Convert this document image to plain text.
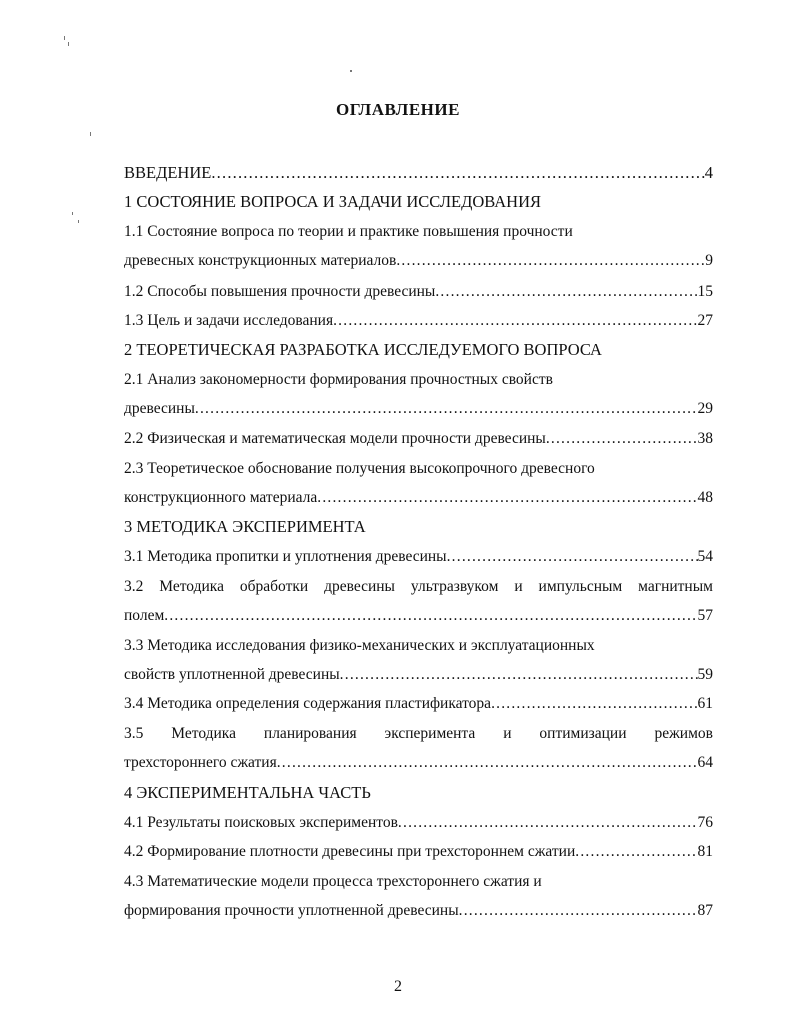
ОГЛАВЛЕНИЕ
ВВЕДЕНИЕ .....	4
1 СОСТОЯНИЕ ВОПРОСА И ЗАДАЧИ ИССЛЕДОВАНИЯ
1.1 Состояние вопроса по теории и практике повышения прочности
древесных конструкционных материалов .....	9
1.2 Способы повышения прочности древесины .....	15
1.3 Цель и задачи исследования .....	27
2 ТЕОРЕТИЧЕСКАЯ РАЗРАБОТКА ИССЛЕДУЕМОГО ВОПРОСА
2.1 Анализ закономерности формирования прочностных свойств
древесины .....	29
2.2 Физическая и математическая модели прочности древесины .....	38
2.3 Теоретическое обоснование получения высокопрочного древесного
конструкционного материала .....	48
3 МЕТОДИКА ЭКСПЕРИМЕНТА
3.1 Методика пропитки и уплотнения древесины .....	54
3.2 Методика обработки древесины ультразвуком и импульсным магнитным
полем .....	57
3.3 Методика исследования физико-механических и эксплуатационных
свойств уплотненной древесины .....	59
3.4 Методика определения содержания пластификатора .....	61
3.5 Методика планирования эксперимента и оптимизации режимов
трехстороннего сжатия .....	64
4 ЭКСПЕРИМЕНТАЛЬНА ЧАСТЬ
4.1 Результаты поисковых экспериментов .....	76
4.2 Формирование плотности древесины при трехстороннем сжатии .....	81
4.3 Математические модели процесса трехстороннего сжатия и
формирования прочности уплотненной древесины .....	87
2
